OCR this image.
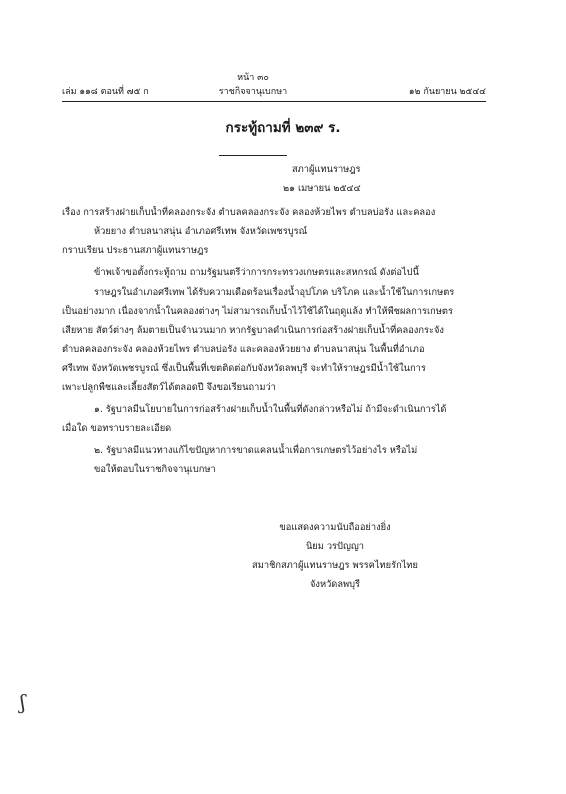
หน้า ๓๐
เล่ม ๑๑๘ ตอนที่ ๗๕ ก	ราชกิจจานุเบกษา	๑๒ กันยายน ๒๕๔๔
กระทู้ถามที่ ๒๓๙ ร.
สภาผู้แทนราษฎร
๒๑ เมษายน ๒๕๔๔
เรื่อง การสร้างฝายเก็บน้ำที่คลองกระจัง ตำบลคลองกระจัง คลองห้วยไพร ตำบลบ่อรัง และคลอง
ห้วยยาง ตำบลนาสนุ่น อำเภอศรีเทพ จังหวัดเพชรบูรณ์
กราบเรียน ประธานสภาผู้แทนราษฎร
ข้าพเจ้าขอตั้งกระทู้ถาม ถามรัฐมนตรีว่าการกระทรวงเกษตรและสหกรณ์ ดังต่อไปนี้
ราษฎรในอำเภอศรีเทพ ได้รับความเดือดร้อนเรื่องน้ำอุปโภค บริโภค และน้ำใช้ในการเกษตร
เป็นอย่างมาก เนื่องจากน้ำในคลองต่างๆ ไม่สามารถเก็บน้ำไว้ใช้ได้ในฤดูแล้ง ทำให้พืชผลการเกษตร
เสียหาย สัตว์ต่างๆ ล้มตายเป็นจำนวนมาก หากรัฐบาลดำเนินการก่อสร้างฝายเก็บน้ำที่คลองกระจัง
ตำบลคลองกระจัง คลองห้วยไพร ตำบลบ่อรัง และคลองห้วยยาง ตำบลนาสนุ่น ในพื้นที่อำเภอ
ศรีเทพ จังหวัดเพชรบูรณ์ ซึ่งเป็นพื้นที่เขตติดต่อกับจังหวัดลพบุรี จะทำให้ราษฎรมีน้ำใช้ในการ
เพาะปลูกพืชและเลี้ยงสัตว์ได้ตลอดปี จึงขอเรียนถามว่า
๑. รัฐบาลมีนโยบายในการก่อสร้างฝายเก็บน้ำในพื้นที่ดังกล่าวหรือไม่ ถ้ามีจะดำเนินการได้
เมื่อใด ขอทราบรายละเอียด
๒. รัฐบาลมีแนวทางแก้ไขปัญหาการขาดแคลนน้ำเพื่อการเกษตรไว้อย่างไร หรือไม่
ขอให้ตอบในราชกิจจานุเบกษา
ขอแสดงความนับถืออย่างยิ่ง
นิยม วรปัญญา
สมาชิกสภาผู้แทนราษฎร พรรคไทยรักไทย
จังหวัดลพบุรี
ʃ
